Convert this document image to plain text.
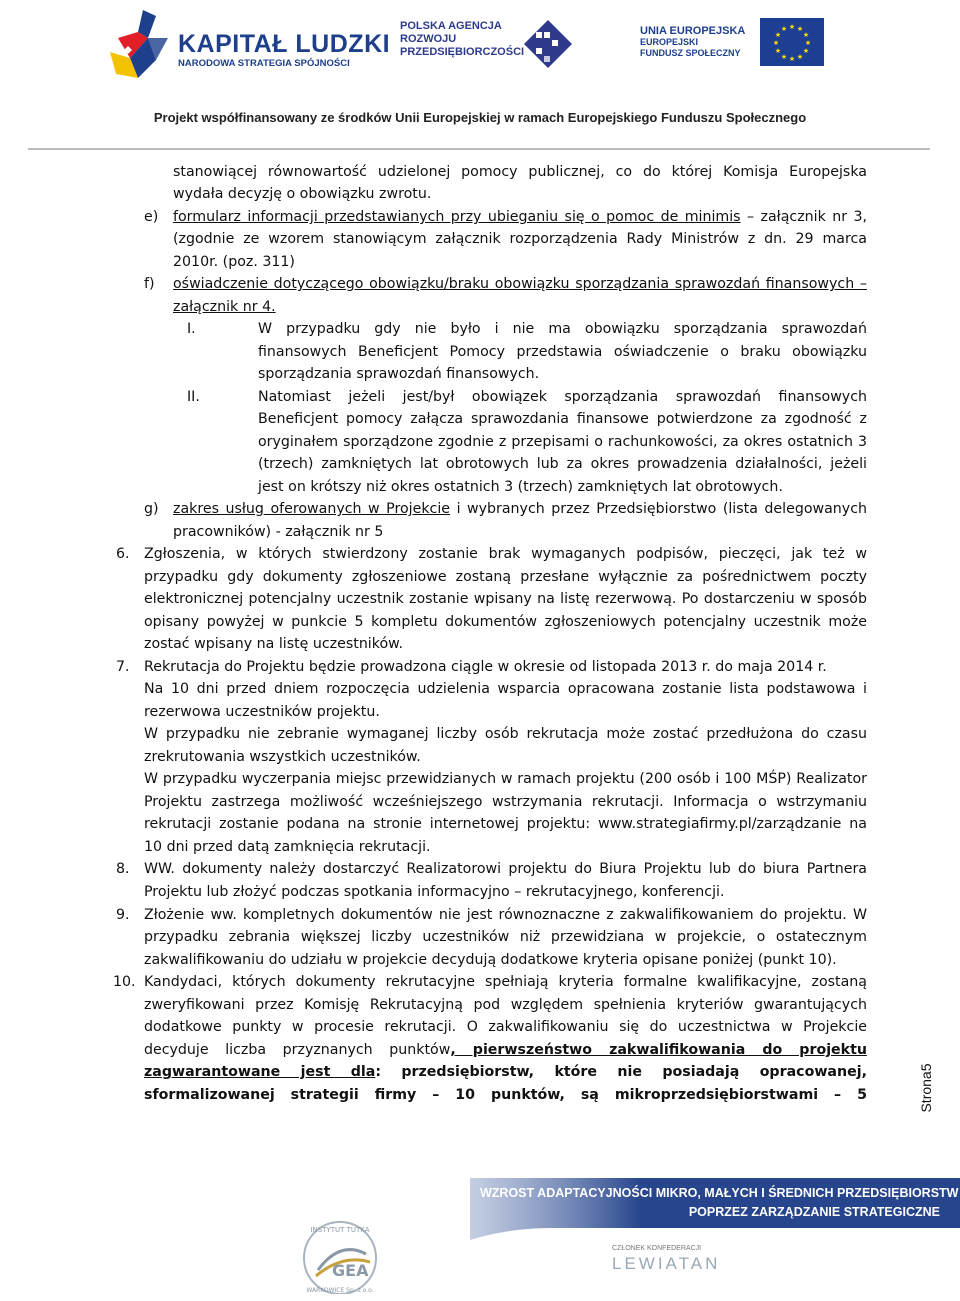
KAPITAŁ LUDZKI
NARODOWA STRATEGIA SPÓJNOŚCI
POLSKA AGENCJA
ROZWOJU
PRZEDSIĘBIORCZOŚCI
UNIA EUROPEJSKA
EUROPEJSKI
FUNDUSZ SPOŁECZNY
★ ★
★
★
★
★
★
★
★
★
★
★
Projekt współfinansowany ze środków Unii Europejskiej w ramach Europejskiego Funduszu Społecznego
stanowiącej równowartość udzielonej pomocy publicznej, co do której Komisja Europejska
wydała decyzję o obowiązku zwrotu.
e) formularz informacji przedstawianych przy ubieganiu się o pomoc de minimis – załącznik nr 3,
(zgodnie ze wzorem stanowiącym załącznik rozporządzenia Rady Ministrów z dn. 29 marca
2010r. (poz. 311)
f) oświadczenie dotyczącego obowiązku/braku obowiązku sporządzania sprawozdań finansowych –
załącznik nr 4.
I.	W przypadku gdy nie było i nie ma obowiązku sporządzania sprawozdań
finansowych Beneficjent Pomocy przedstawia oświadczenie o braku obowiązku
sporządzania sprawozdań finansowych.
II.	Natomiast jeżeli jest/był obowiązek sporządzania sprawozdań finansowych
Beneficjent pomocy załącza sprawozdania finansowe potwierdzone za zgodność z
oryginałem sporządzone zgodnie z przepisami o rachunkowości, za okres ostatnich 3
(trzech) zamkniętych lat obrotowych lub za okres prowadzenia działalności, jeżeli
jest on krótszy niż okres ostatnich 3 (trzech) zamkniętych lat obrotowych.
g) zakres usług oferowanych w Projekcie i wybranych przez Przedsiębiorstwo (lista delegowanych
pracowników) - załącznik nr 5
6. Zgłoszenia, w których stwierdzony zostanie brak wymaganych podpisów, pieczęci, jak też w
przypadku gdy dokumenty zgłoszeniowe zostaną przesłane wyłącznie za pośrednictwem poczty
elektronicznej potencjalny uczestnik zostanie wpisany na listę rezerwową. Po dostarczeniu w sposób
opisany powyżej w punkcie 5 kompletu dokumentów zgłoszeniowych potencjalny uczestnik może
zostać wpisany na listę uczestników.
7. Rekrutacja do Projektu będzie prowadzona ciągle w okresie od listopada 2013 r. do maja 2014 r.
Na 10 dni przed dniem rozpoczęcia udzielenia wsparcia opracowana zostanie lista podstawowa i
rezerwowa uczestników projektu.
W przypadku nie zebranie wymaganej liczby osób rekrutacja może zostać przedłużona do czasu
zrekrutowania wszystkich uczestników.
W przypadku wyczerpania miejsc przewidzianych w ramach projektu (200 osób i 100 MŚP) Realizator
Projektu zastrzega możliwość wcześniejszego wstrzymania rekrutacji. Informacja o wstrzymaniu
rekrutacji zostanie podana na stronie internetowej projektu: www.strategiafirmy.pl/zarządzanie na
10 dni przed datą zamknięcia rekrutacji.
8. WW. dokumenty należy dostarczyć Realizatorowi projektu do Biura Projektu lub do biura Partnera
Projektu lub złożyć podczas spotkania informacyjno – rekrutacyjnego, konferencji.
9. Złożenie ww. kompletnych dokumentów nie jest równoznaczne z zakwalifikowaniem do projektu. W
przypadku zebrania większej liczby uczestników niż przewidziana w projekcie, o ostatecznym
zakwalifikowaniu do udziału w projekcie decydują dodatkowe kryteria opisane poniżej (punkt 10).
10. Kandydaci, których dokumenty rekrutacyjne spełniają kryteria formalne kwalifikacyjne, zostaną
zweryfikowani przez Komisję Rekrutacyjną pod względem spełnienia kryteriów gwarantujących
dodatkowe punkty w procesie rekrutacji. O zakwalifikowaniu się do uczestnictwa w Projekcie
decyduje liczba przyznanych punktów, pierwszeństwo zakwalifikowania do projektu
zagwarantowane jest dla: przedsiębiorstw, które nie posiadają opracowanej,
sformalizowanej strategii firmy – 10 punktów, są mikroprzedsiębiorstwami – 5	Strona5
WZROST ADAPTACYJNOŚCI MIKRO, MAŁYCH I ŚREDNICH PRZEDSIĘBIORSTW
POPRZEZ ZARZĄDZANIE STRATEGICZNE
GEA
INSTYTUT TUTKA
WARKOWICE Sp. z o.o.
CZŁONEK KONFEDERACJI
LEWIATAN
